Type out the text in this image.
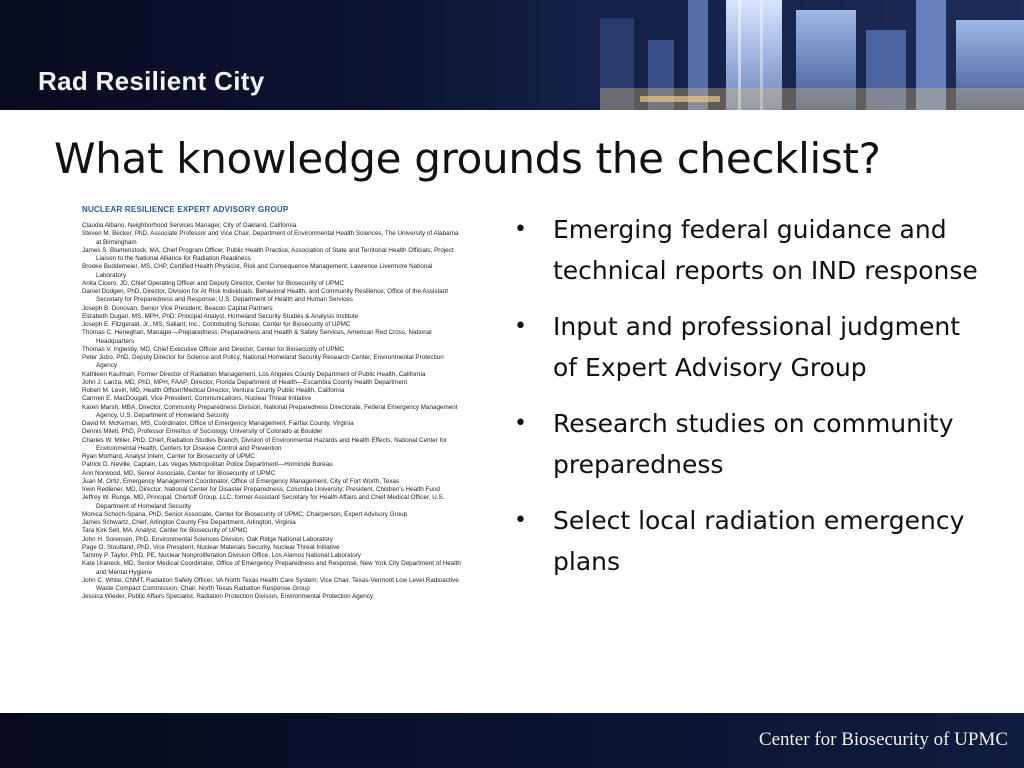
Rad Resilient City
What knowledge grounds the checklist?
NUCLEAR RESILIENCE EXPERT ADVISORY GROUP
Claudia Albano, Neighborhood Services Manager, City of Oakland, California
Steven M. Becker, PhD, Associate Professor and Vice Chair, Department of Environmental Health Sciences, The University of Alabama at Birmingham
James S. Blumenstock, MA, Chief Program Officer, Public Health Practice, Association of State and Territorial Health Officials; Project Liaison to the National Alliance for Radiation Readiness
Brooke Buddemeier, MS, CHP, Certified Health Physicist, Risk and Consequence Management, Lawrence Livermore National Laboratory
Anita Cicero, JD, Chief Operating Officer and Deputy Director, Center for Biosecurity of UPMC
Daniel Dodgen, PhD, Director, Division for At Risk Individuals, Behavioral Health, and Community Resilience; Office of the Assistant Secretary for Preparedness and Response; U.S. Department of Health and Human Services
Joseph B. Donovan, Senior Vice President, Beacon Capital Partners
Elizabeth Dugan, MS, MPH, PhD; Principal Analyst, Homeland Security Studies & Analysis Institute
Joseph E. Fitzgerald, Jr., MS, Saliant, Inc.; Contributing Scholar, Center for Biosecurity of UPMC
Thomas C. Heneghan, Manager—Preparedness; Preparedness and Health & Safety Services, American Red Cross, National Headquarters
Thomas V. Inglesby, MD, Chief Executive Officer and Director, Center for Biosecurity of UPMC
Peter Jutro, PhD, Deputy Director for Science and Policy, National Homeland Security Research Center, Environmental Protection Agency
Kathleen Kaufman, Former Director of Radiation Management, Los Angeles County Department of Public Health, California
John J. Lanza, MD, PhD, MPH, FAAP; Director, Florida Department of Health—Escambia County Health Department
Robert M. Levin, MD, Health Officer/Medical Director, Ventura County Public Health, California
Carmen E. MacDougall, Vice President, Communications, Nuclear Threat Initiative
Karen Marsh, MBA, Director, Community Preparedness Division, National Preparedness Directorate, Federal Emergency Management Agency, U.S. Department of Homeland Security
David M. McKernan, MS, Coordinator, Office of Emergency Management, Fairfax County, Virginia
Dennis Mileti, PhD, Professor Emeritus of Sociology, University of Colorado at Boulder
Charles W. Miller, PhD, Chief, Radiation Studies Branch, Division of Environmental Hazards and Health Effects, National Center for Environmental Health, Centers for Disease Control and Prevention
Ryan Morhard, Analyst Intern, Center for Biosecurity of UPMC
Patrick D. Neville, Captain, Las Vegas Metropolitan Police Department—Homicide Bureau
Ann Norwood, MD, Senior Associate, Center for Biosecurity of UPMC
Juan M. Ortiz, Emergency Management Coordinator, Office of Emergency Management, City of Fort Worth, Texas
Irwin Redlener, MD, Director, National Center for Disaster Preparedness, Columbia University; President, Children's Health Fund
Jeffrey W. Runge, MD, Principal, Chertoff Group, LLC; former Assistant Secretary for Health Affairs and Chief Medical Officer, U.S. Department of Homeland Security
Monica Schoch-Spana, PhD, Senior Associate, Center for Biosecurity of UPMC; Chairperson, Expert Advisory Group
James Schwartz, Chief, Arlington County Fire Department, Arlington, Virginia
Tara Kirk Sell, MA, Analyst, Center for Biosecurity of UPMC
John H. Sorensen, PhD, Environmental Sciences Division, Oak Ridge National Laboratory
Page O. Stoutland, PhD, Vice President, Nuclear Materials Security, Nuclear Threat Initiative
Tammy P. Taylor, PhD, PE, Nuclear Nonproliferation Division Office, Los Alamos National Laboratory
Kate Uraneck, MD, Senior Medical Coordinator, Office of Emergency Preparedness and Response, New York City Department of Health and Mental Hygiene
John C. White, CNMT, Radiation Safety Officer, VA North Texas Health Care System; Vice Chair, Texas-Vermont Low Level Radioactive Waste Compact Commission; Chair, North Texas Radiation Response Group
Jessica Wieder, Public Affairs Specialist, Radiation Protection Division, Environmental Protection Agency
• Emerging federal guidance and technical reports on IND response
• Input and professional judgment of Expert Advisory Group
• Research studies on community preparedness
• Select local radiation emergency plans

Center for Biosecurity of UPMC
